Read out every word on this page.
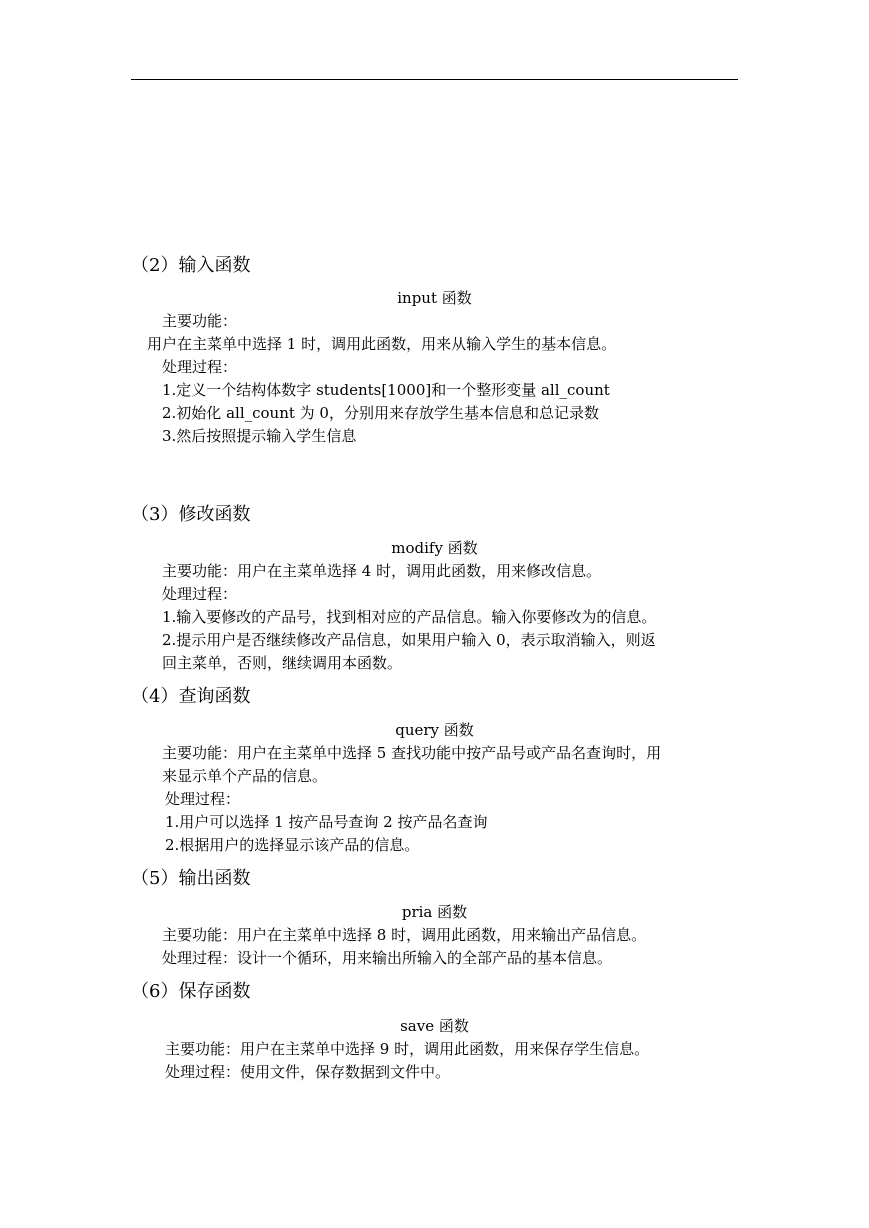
（2）输入函数
input 函数
主要功能：
用户在主菜单中选择 1 时，调用此函数，用来从输入学生的基本信息。
处理过程：
1.定义一个结构体数字 students[1000]和一个整形变量 all_count
2.初始化 all_count 为 0，分别用来存放学生基本信息和总记录数
3.然后按照提示输入学生信息
（3）修改函数
modify 函数
主要功能：用户在主菜单选择 4 时，调用此函数，用来修改信息。
处理过程：
1.输入要修改的产品号，找到相对应的产品信息。输入你要修改为的信息。
2.提示用户是否继续修改产品信息，如果用户输入 0，表示取消输入，则返
回主菜单，否则，继续调用本函数。
（4）查询函数
query 函数
主要功能：用户在主菜单中选择 5 查找功能中按产品号或产品名查询时，用
来显示单个产品的信息。
处理过程：
1.用户可以选择 1 按产品号查询 2 按产品名查询
2.根据用户的选择显示该产品的信息。
（5）输出函数
pria 函数
主要功能：用户在主菜单中选择 8 时，调用此函数，用来输出产品信息。
处理过程：设计一个循环，用来输出所输入的全部产品的基本信息。
（6）保存函数
save 函数
主要功能：用户在主菜单中选择 9 时，调用此函数，用来保存学生信息。
处理过程：使用文件，保存数据到文件中。
